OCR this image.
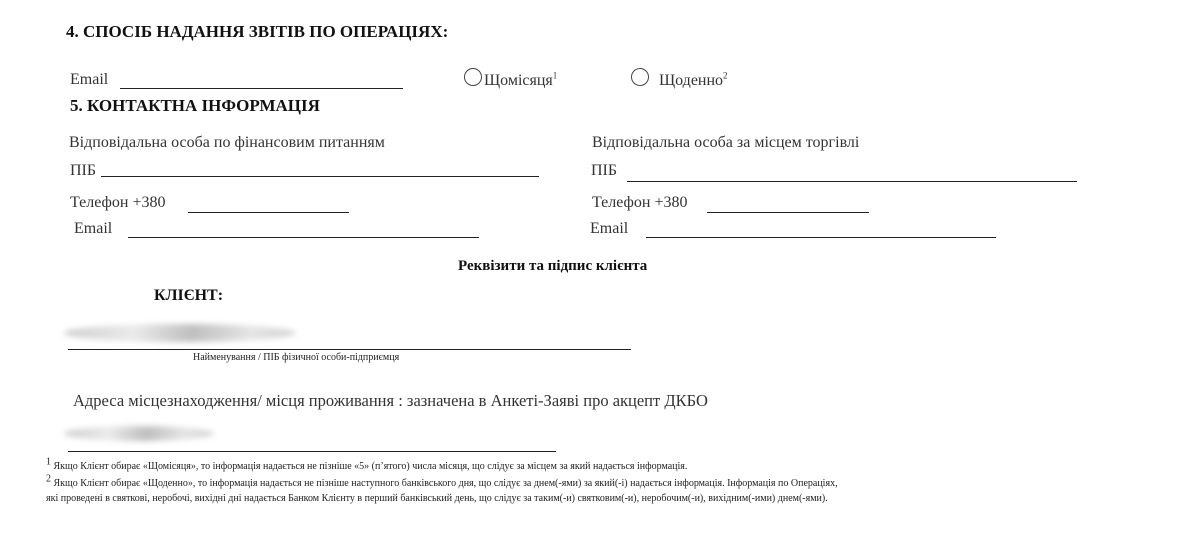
4. СПОСІБ НАДАННЯ ЗВІТІВ ПО ОПЕРАЦІЯХ:
Email	Щомісяця$^1$	Щоденно$^2$
5. КОНТАКТНА ІНФОРМАЦІЯ
Відповідальна особа по фінансовим питанням	Відповідальна особа за місцем торгівлі
ПІБ	ПІБ
Телефон +380	Телефон +380
Email	Email
Реквізити та підпис клієнта
КЛІЄНТ:
Найменування / ПІБ фізичної особи-підприємця
Адреса місцезнаходження/ місця проживання : зазначена в Анкеті-Заяві про акцепт ДКБО
1 Якщо Клієнт обирає «Щомісяця», то інформація надається не пізніше «5» (п’ятого) числа місяця, що слідує за місцем за який надається інформація.
2 Якщо Клієнт обирає «Щоденно», то інформація надається не пізніше наступного банківського дня, що слідує за днем(-ями) за який(-і) надається інформація. Інформація по Операціях,
які проведені в святкові, неробочі, вихідні дні надається Банком Клієнту в перший банківський день, що слідує за таким(-и) святковим(-и), неробочим(-и), вихідним(-ими) днем(-ями).
